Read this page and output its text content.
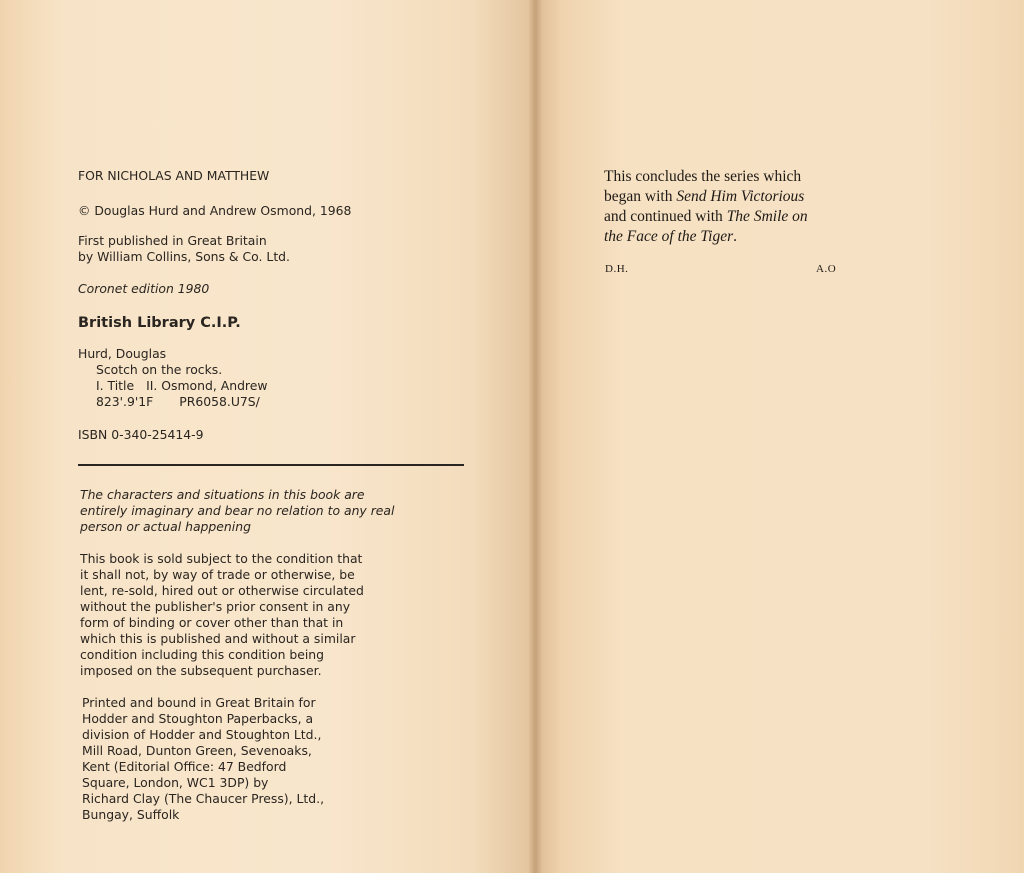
FOR NICHOLAS AND MATTHEW

© Douglas Hurd and Andrew Osmond, 1968

First published in Great Britain
by William Collins, Sons & Co. Ltd.

Coronet edition 1980

British Library C.I.P.

Hurd, Douglas
Scotch on the rocks.
I. Title II. Osmond, Andrew
823'.9'1F PR6058.U7S/

ISBN 0-340-25414-9

The characters and situations in this book are
entirely imaginary and bear no relation to any real
person or actual happening
This book is sold subject to the condition that
it shall not, by way of trade or otherwise, be
lent, re-sold, hired out or otherwise circulated
without the publisher's prior consent in any
form of binding or cover other than that in
which this is published and without a similar
condition including this condition being
imposed on the subsequent purchaser.
Printed and bound in Great Britain for
Hodder and Stoughton Paperbacks, a
division of Hodder and Stoughton Ltd.,
Mill Road, Dunton Green, Sevenoaks,
Kent (Editorial Office: 47 Bedford
Square, London, WC1 3DP) by
Richard Clay (The Chaucer Press), Ltd.,
Bungay, Suffolk
This concludes the series which
began with Send Him Victorious
and continued with The Smile on
the Face of the Tiger.
D.H.	A.O
